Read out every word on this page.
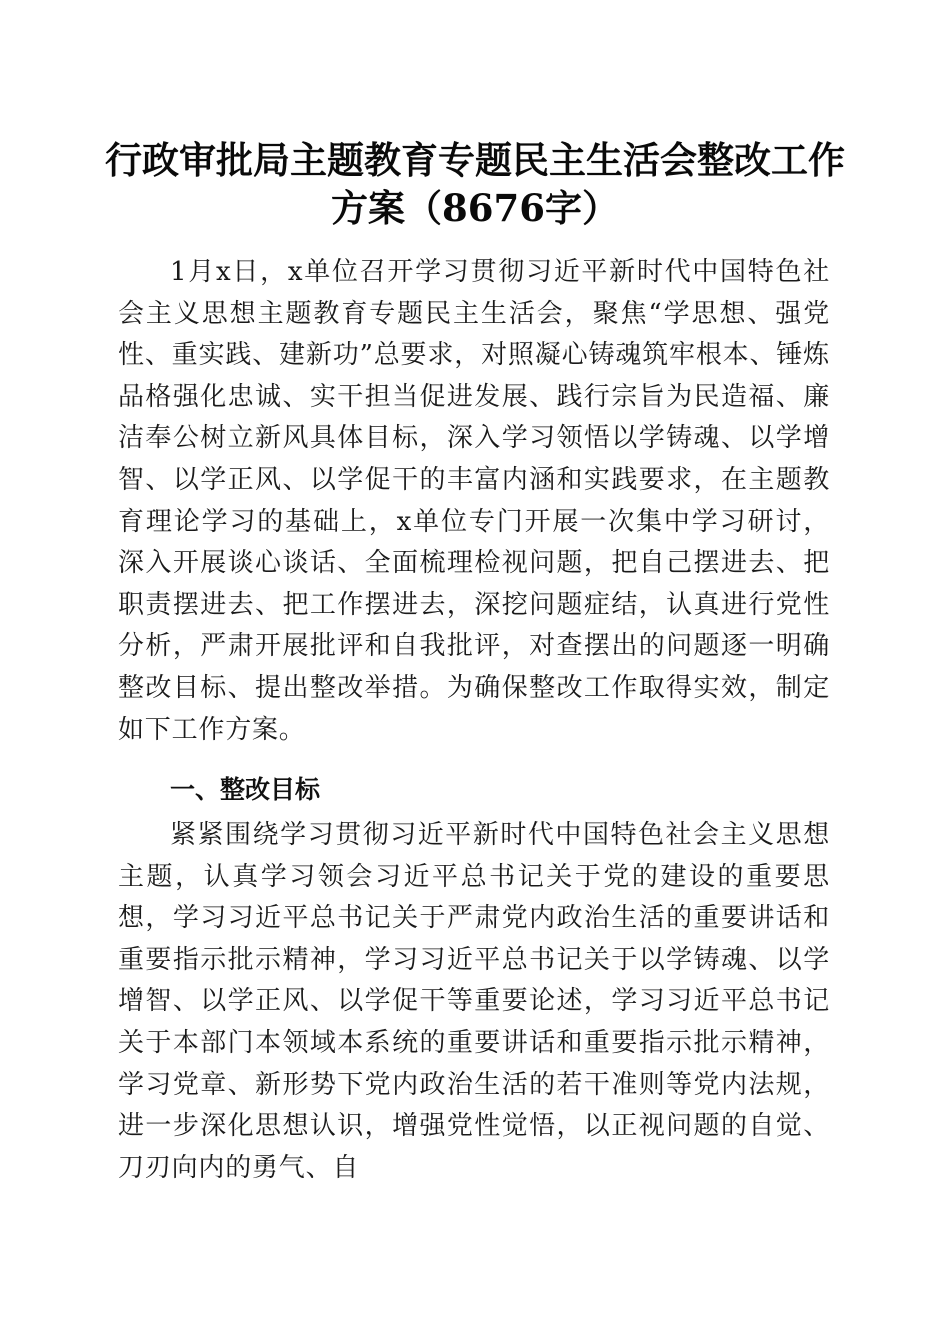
行政审批局主题教育专题民主生活会整改工作
方案（8676字）

1月x日，x单位召开学习贯彻习近平新时代中国特色社会主义思想主题教育专题民主生活会，聚焦“学思想、强党性、重实践、建新功”总要求，对照凝心铸魂筑牢根本、锤炼品格强化忠诚、实干担当促进发展、践行宗旨为民造福、廉洁奉公树立新风具体目标，深入学习领悟以学铸魂、以学增智、以学正风、以学促干的丰富内涵和实践要求，在主题教育理论学习的基础上，x单位专门开展一次集中学习研讨，深入开展谈心谈话、全面梳理检视问题，把自己摆进去、把职责摆进去、把工作摆进去，深挖问题症结，认真进行党性分析，严肃开展批评和自我批评，对查摆出的问题逐一明确整改目标、提出整改举措。为确保整改工作取得实效，制定如下工作方案。

一、整改目标

紧紧围绕学习贯彻习近平新时代中国特色社会主义思想主题，认真学习领会习近平总书记关于党的建设的重要思想，学习习近平总书记关于严肃党内政治生活的重要讲话和重要指示批示精神，学习习近平总书记关于以学铸魂、以学增智、以学正风、以学促干等重要论述，学习习近平总书记关于本部门本领域本系统的重要讲话和重要指示批示精神，学习党章、新形势下党内政治生活的若干准则等党内法规，进一步深化思想认识，增强党性觉悟，以正视问题的自觉、刀刃向内的勇气、自
